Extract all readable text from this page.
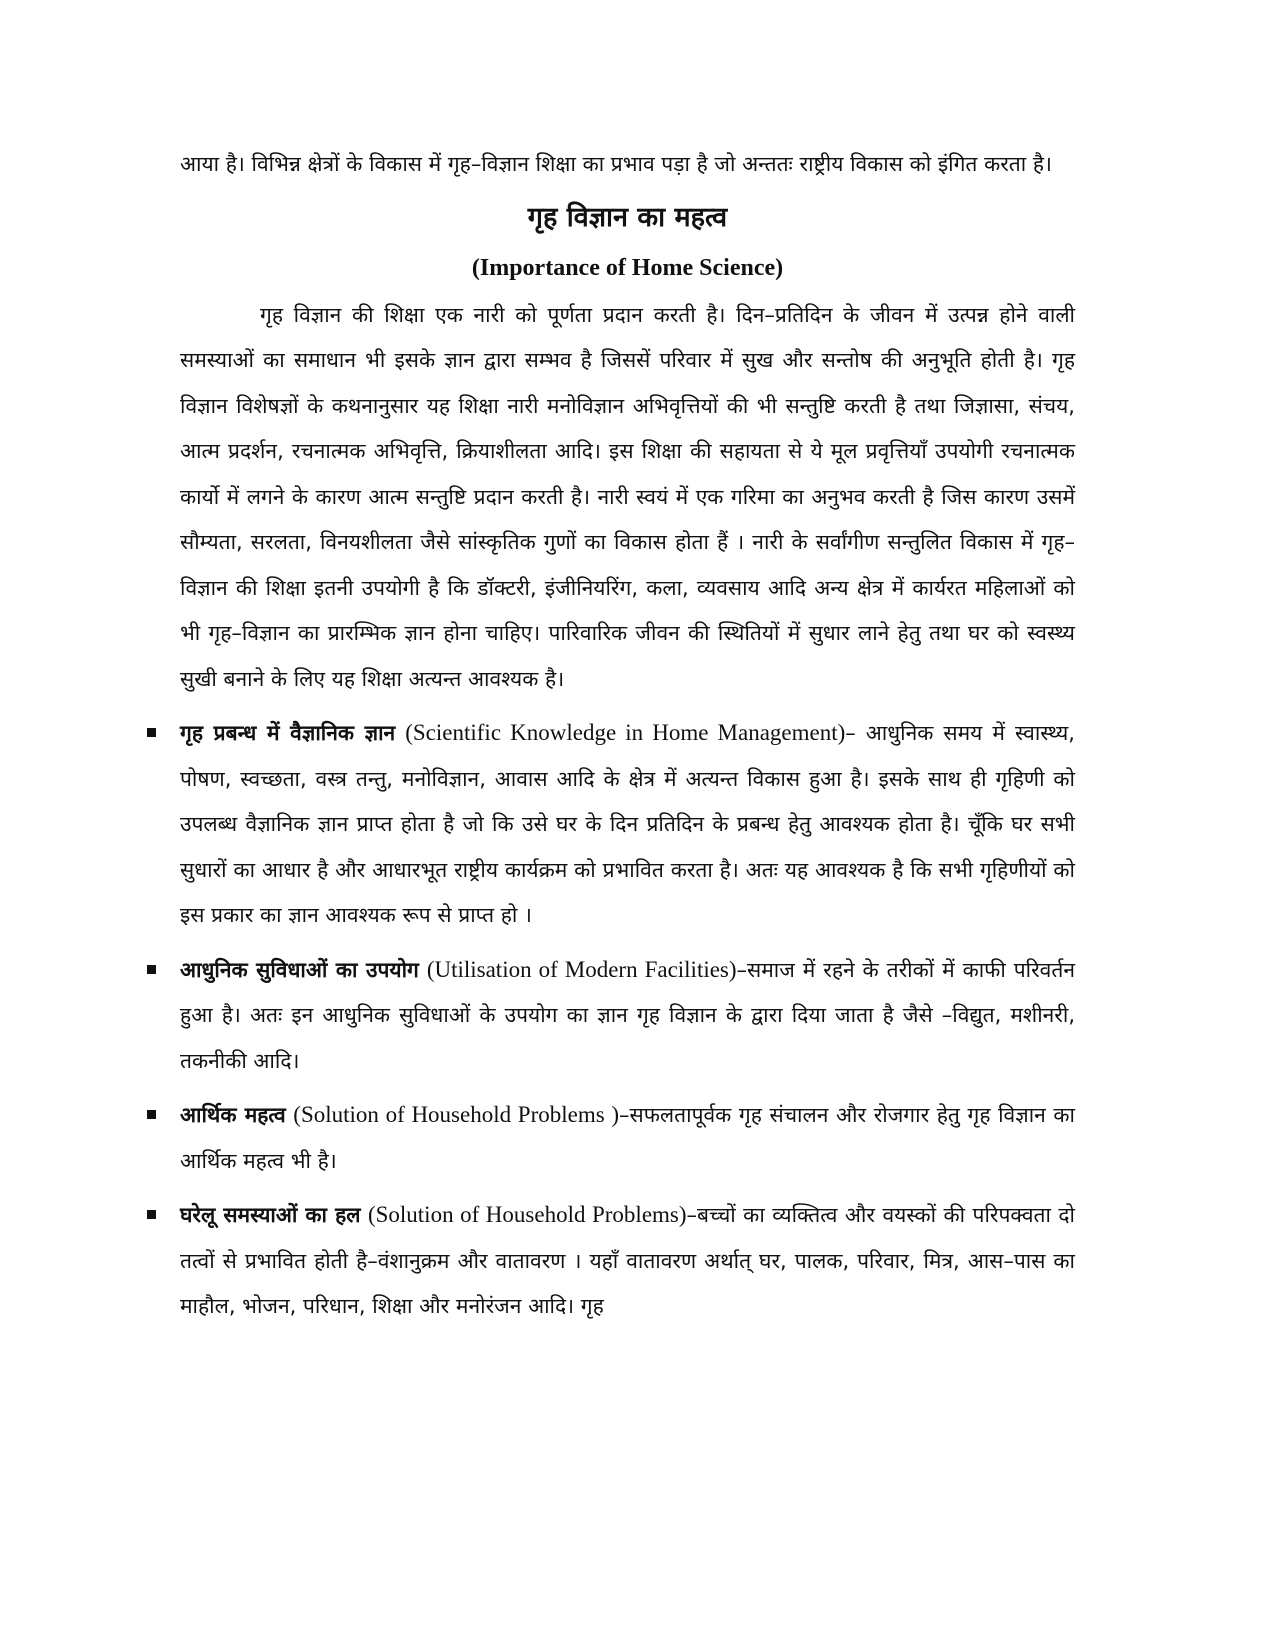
आया है। विभिन्न क्षेत्रों के विकास में गृह–विज्ञान शिक्षा का प्रभाव पड़ा है जो अन्ततः राष्ट्रीय विकास को इंगित करता है।

गृह विज्ञान का महत्व
(Importance of Home Science)

गृह विज्ञान की शिक्षा एक नारी को पूर्णता प्रदान करती है। दिन–प्रतिदिन के जीवन में उत्पन्न होने वाली समस्याओं का समाधान भी इसके ज्ञान द्वारा सम्भव है जिससें परिवार में सुख और सन्तोष की अनुभूति होती है। गृह विज्ञान विशेषज्ञों के कथनानुसार यह शिक्षा नारी मनोविज्ञान अभिवृत्तियों की भी सन्तुष्टि करती है तथा जिज्ञासा, संचय, आत्म प्रदर्शन, रचनात्मक अभिवृत्ति, क्रियाशीलता आदि। इस शिक्षा की सहायता से ये मूल प्रवृत्तियाँ उपयोगी रचनात्मक कार्यो में लगने के कारण आत्म सन्तुष्टि प्रदान करती है। नारी स्वयं में एक गरिमा का अनुभव करती है जिस कारण उसमें सौम्यता, सरलता, विनयशीलता जैसे सांस्कृतिक गुणों का विकास होता हैं । नारी के सर्वांगीण सन्तुलित विकास में गृह–विज्ञान की शिक्षा इतनी उपयोगी है कि डॉक्टरी, इंजीनियरिंग, कला, व्यवसाय आदि अन्य क्षेत्र में कार्यरत महिलाओं को भी गृह–विज्ञान का प्रारम्भिक ज्ञान होना चाहिए। पारिवारिक जीवन की स्थितियों में सुधार लाने हेतु तथा घर को स्वस्थ्य सुखी बनाने के लिए यह शिक्षा अत्यन्त आवश्यक है।

गृह प्रबन्ध में वैज्ञानिक ज्ञान (Scientific Knowledge in Home Management)– आधुनिक समय में स्वास्थ्य, पोषण, स्वच्छता, वस्त्र तन्तु, मनोविज्ञान, आवास आदि के क्षेत्र में अत्यन्त विकास हुआ है। इसके साथ ही गृहिणी को उपलब्ध वैज्ञानिक ज्ञान प्राप्त होता है जो कि उसे घर के दिन प्रतिदिन के प्रबन्ध हेतु आवश्यक होता है। चूँकि घर सभी सुधारों का आधार है और आधारभूत राष्ट्रीय कार्यक्रम को प्रभावित करता है। अतः यह आवश्यक है कि सभी गृहिणीयों को इस प्रकार का ज्ञान आवश्यक रूप से प्राप्त हो ।

आधुनिक सुविधाओं का उपयोग (Utilisation of Modern Facilities)–समाज में रहने के तरीकों में काफी परिवर्तन हुआ है। अतः इन आधुनिक सुविधाओं के उपयोग का ज्ञान गृह विज्ञान के द्वारा दिया जाता है जैसे –विद्युत, मशीनरी, तकनीकी आदि।

आर्थिक महत्व (Solution of Household Problems )–सफलतापूर्वक गृह संचालन और रोजगार हेतु गृह विज्ञान का आर्थिक महत्व भी है।

घरेलू समस्याओं का हल (Solution of Household Problems)–बच्चों का व्यक्तित्व और वयस्कों की परिपक्वता दो तत्वों से प्रभावित होती है–वंशानुक्रम और वातावरण । यहाँ वातावरण अर्थात् घर, पालक, परिवार, मित्र, आस–पास का माहौल, भोजन, परिधान, शिक्षा और मनोरंजन आदि। गृह
